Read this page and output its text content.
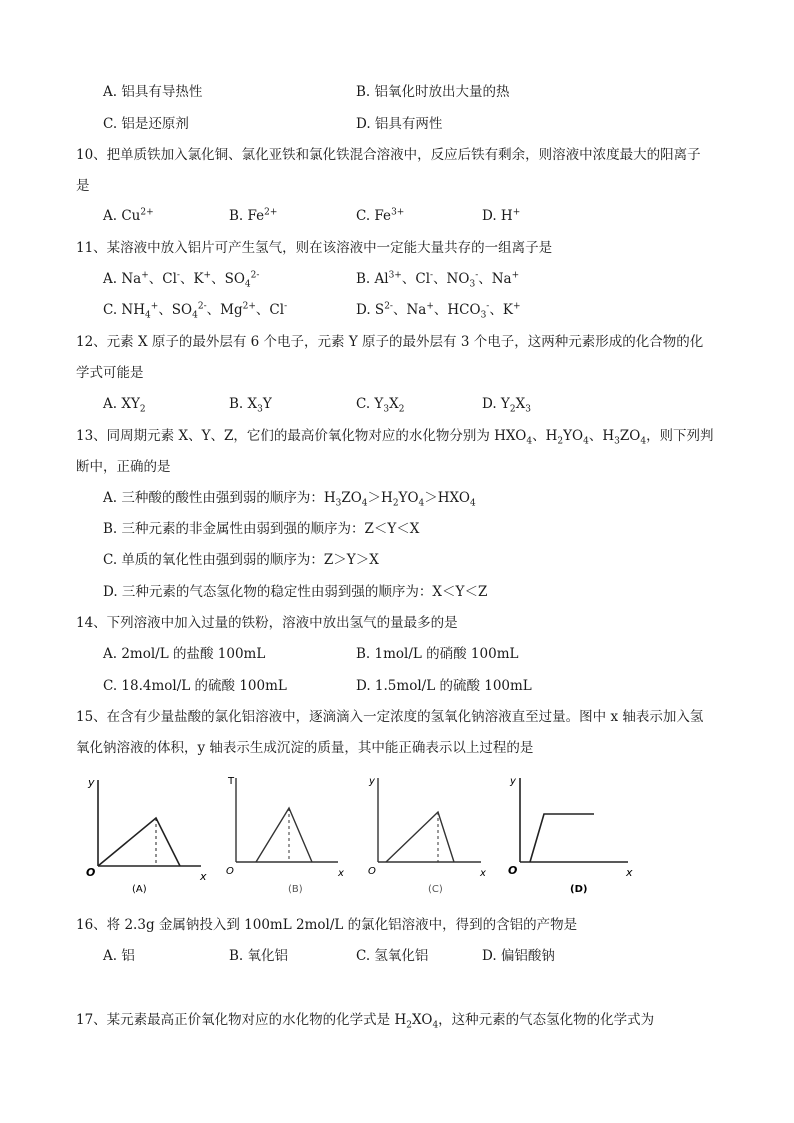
A. 铝具有导热性	B. 铝氧化时放出大量的热
C. 铝是还原剂	D. 铝具有两性
10、把单质铁加入氯化铜、氯化亚铁和氯化铁混合溶液中，反应后铁有剩余，则溶液中浓度最大的阳离子
是
A. $Cu^{2+}$	B. $Fe^{2+}$	C. $Fe^{3+}$	D. H+
11、某溶液中放入铝片可产生氢气，则在该溶液中一定能大量共存的一组离子是
A. Na+、Cl-、K+、$SO_4^{2-}$	B. $Al^{3+}$、Cl-、$NO_3^-$、Na+
C. $NH_4^+$、$SO_4^{2-}$、$Mg^{2+}$、Cl-	D. $S^{2-}$、Na+、$HCO_3^-$、K+
12、元素 X 原子的最外层有 6 个电子，元素 Y 原子的最外层有 3 个电子，这两种元素形成的化合物的化
学式可能是
A. $XY_2$	B. $X_3Y$	C. $Y_3X_2$	D. $Y_2X_3$
13、同周期元素 X、Y、Z，它们的最高价氧化物对应的水化物分别为 $HXO_4$、$H_2YO_4$、$H_3ZO_4$，则下列判
断中，正确的是
A. 三种酸的酸性由强到弱的顺序为：$H_3ZO_4>H_2YO_4>HXO_4$
B. 三种元素的非金属性由弱到强的顺序为：Z＜Y＜X
C. 单质的氧化性由强到弱的顺序为：Z＞Y＞X
D. 三种元素的气态氢化物的稳定性由弱到强的顺序为：X＜Y＜Z
14、下列溶液中加入过量的铁粉，溶液中放出氢气的量最多的是
A. 2mol/L 的盐酸 100mL	B. 1mol/L 的硝酸 100mL
C. 18.4mol/L 的硫酸 100mL	D. 1.5mol/L 的硫酸 100mL
15、在含有少量盐酸的氯化铝溶液中，逐滴滴入一定浓度的氢氧化钠溶液直至过量。图中 x 轴表示加入氢
氧化钠溶液的体积，y 轴表示生成沉淀的质量，其中能正确表示以上过程的是
y
x
O
(A)
T
x
O
(B)
y
x
O
(C)
y
x
O
(D)
16、将 2.3g 金属钠投入到 100mL 2mol/L 的氯化铝溶液中，得到的含铝的产物是
A. 铝	B. 氧化铝	C. 氢氧化铝	D. 偏铝酸钠
17、某元素最高正价氧化物对应的水化物的化学式是 $H_2XO_4$，这种元素的气态氢化物的化学式为
